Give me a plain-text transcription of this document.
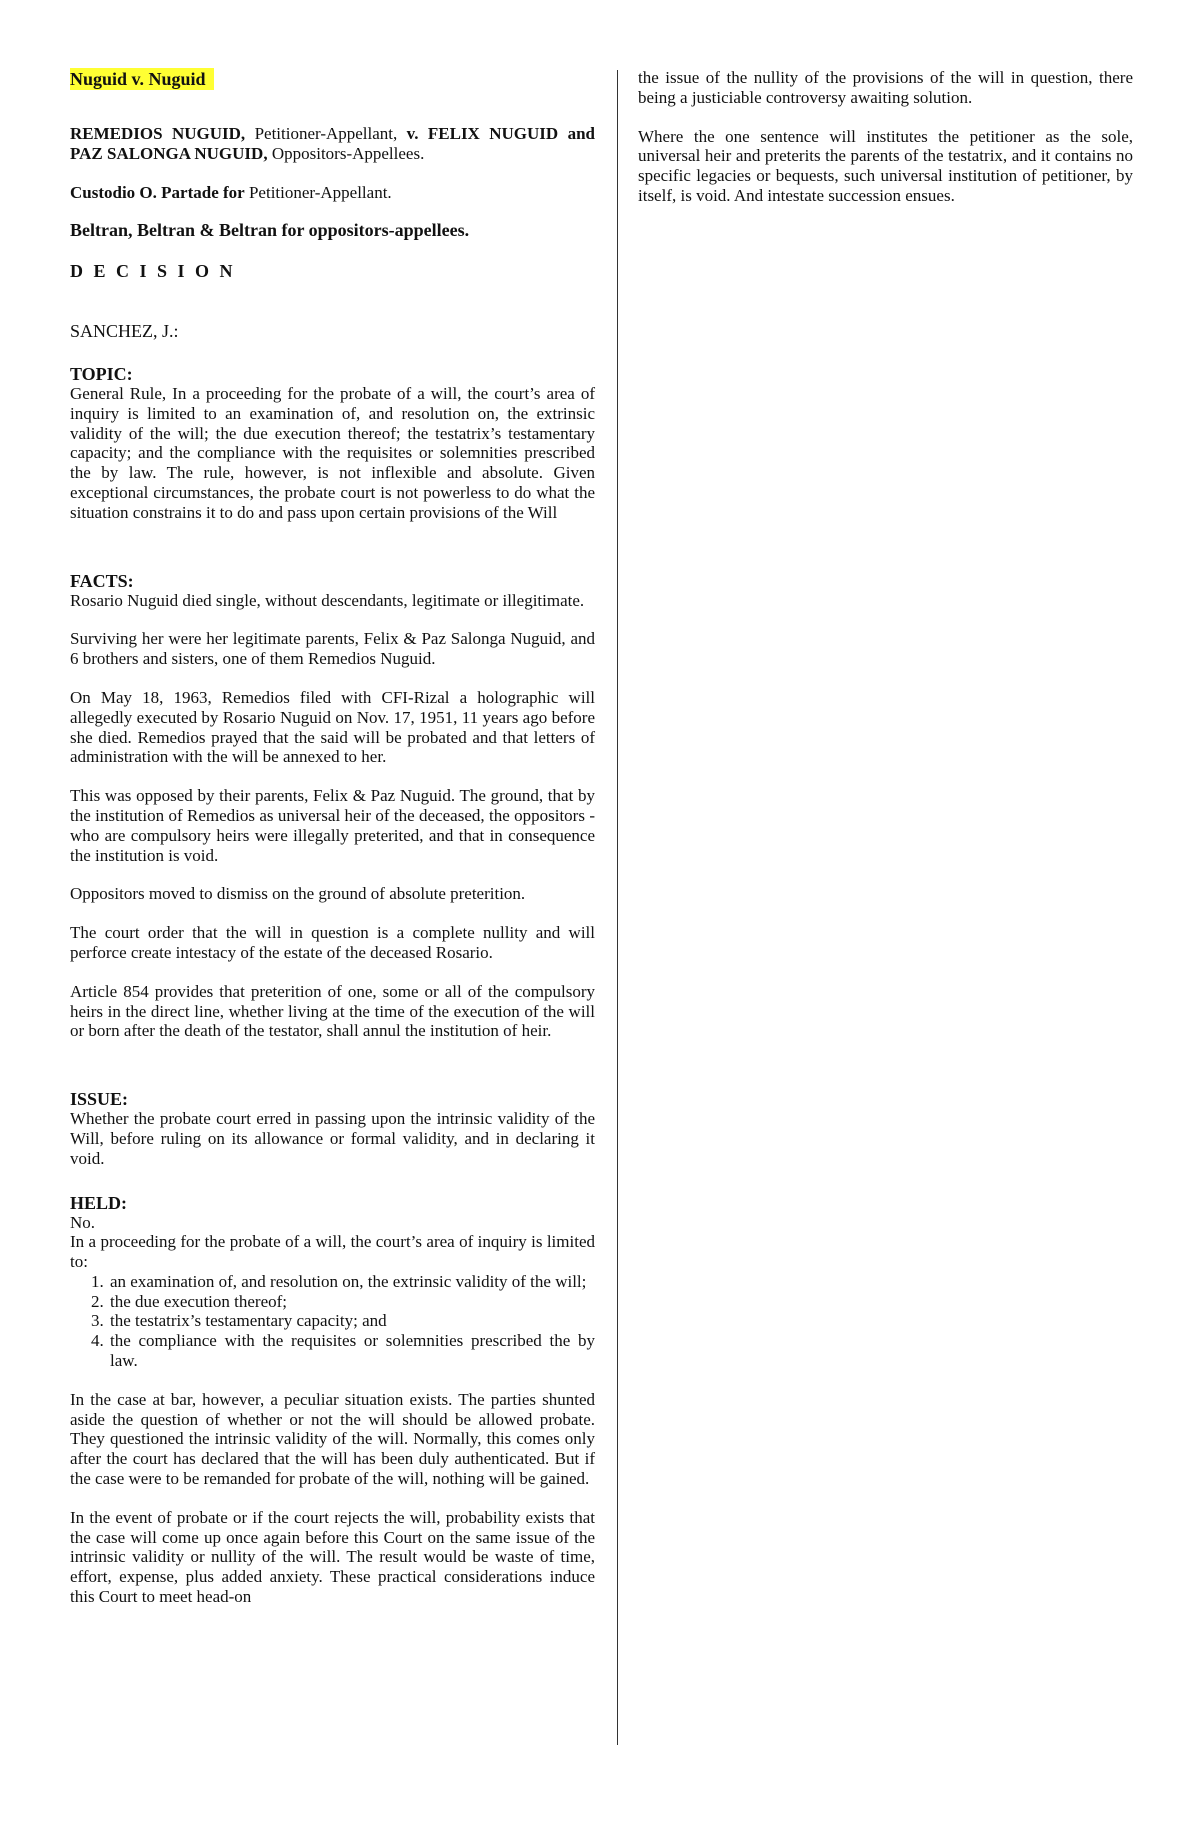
Nuguid v. Nuguid

REMEDIOS NUGUID, Petitioner-Appellant, v. FELIX NUGUID and PAZ SALONGA NUGUID, Oppositors-Appellees.

Custodio O. Partade for Petitioner-Appellant.

Beltran, Beltran & Beltran for oppositors-appellees.

D E C I S I O N

SANCHEZ, J.:

TOPIC:

General Rule, In a proceeding for the probate of a will, the court’s area of inquiry is limited to an examination of, and resolution on, the extrinsic validity of the will; the due execution thereof; the testatrix’s testamentary capacity; and the compliance with the requisites or solemnities prescribed the by law. The rule, however, is not inflexible and absolute. Given exceptional circumstances, the probate court is not powerless to do what the situation constrains it to do and pass upon certain provisions of the Will

FACTS:

Rosario Nuguid died single, without descendants, legitimate or illegitimate.

Surviving her were her legitimate parents, Felix & Paz Salonga Nuguid, and 6 brothers and sisters, one of them Remedios Nuguid.

On May 18, 1963, Remedios filed with CFI-Rizal a holographic will allegedly executed by Rosario Nuguid on Nov. 17, 1951, 11 years ago before she died. Remedios prayed that the said will be probated and that letters of administration with the will be annexed to her.

This was opposed by their parents, Felix & Paz Nuguid. The ground, that by the institution of Remedios as universal heir of the deceased, the oppositors - who are compulsory heirs were illegally preterited, and that in consequence the institution is void.

Oppositors moved to dismiss on the ground of absolute preterition.

The court order that the will in question is a complete nullity and will perforce create intestacy of the estate of the deceased Rosario.

Article 854 provides that preterition of one, some or all of the compulsory heirs in the direct line, whether living at the time of the execution of the will or born after the death of the testator, shall annul the institution of heir.

ISSUE:

Whether the probate court erred in passing upon the intrinsic validity of the Will, before ruling on its allowance or formal validity, and in declaring it void.

HELD:

No.

In a proceeding for the probate of a will, the court’s area of inquiry is limited to:

1. an examination of, and resolution on, the extrinsic validity of the will;
2. the due execution thereof;
3. the testatrix’s testamentary capacity; and
4. the compliance with the requisites or solemnities prescribed the by law.

In the case at bar, however, a peculiar situation exists. The parties shunted aside the question of whether or not the will should be allowed probate. They questioned the intrinsic validity of the will. Normally, this comes only after the court has declared that the will has been duly authenticated. But if the case were to be remanded for probate of the will, nothing will be gained.

In the event of probate or if the court rejects the will, probability exists that the case will come up once again before this Court on the same issue of the intrinsic validity or nullity of the will. The result would be waste of time, effort, expense, plus added anxiety. These practical considerations induce this Court to meet head-on

the issue of the nullity of the provisions of the will in question, there being a justiciable controversy awaiting solution.

Where the one sentence will institutes the petitioner as the sole, universal heir and preterits the parents of the testatrix, and it contains no specific legacies or bequests, such universal institution of petitioner, by itself, is void. And intestate succession ensues.
